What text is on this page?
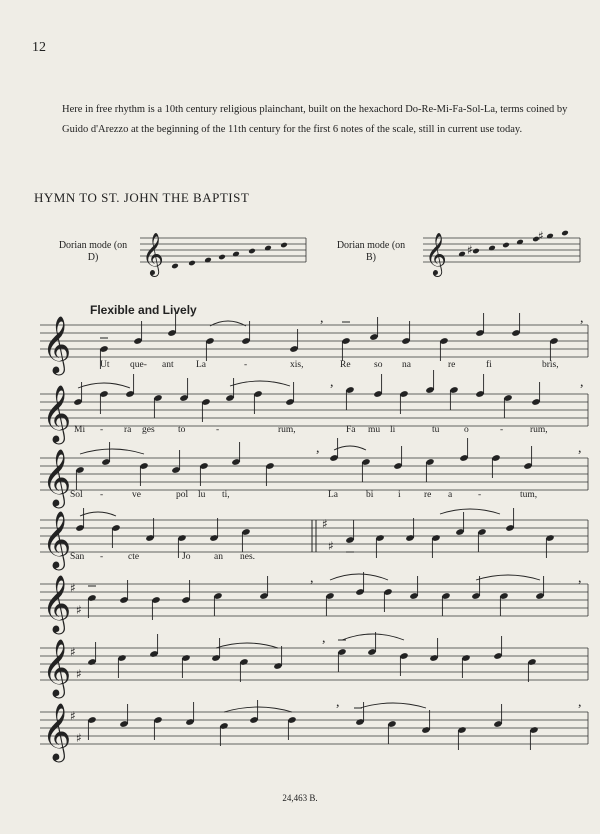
12
Here in free rhythm is a 10th century religious plainchant, built on the hexachord Do-Re-Mi-Fa-Sol-La, terms coined by Guido d'Arezzo at the beginning of the 11th century for the first 6 notes of the scale, still in current use today.
HYMN TO ST. JOHN THE BAPTIST
Dorian mode (on D)
Dorian mode (on B)
Flexible and Lively
𝄞	𝄞 ♯
♯
𝄞
𝄞
𝄞
𝄞
𝄞
♯
♯
𝄞
♯
♯
𝄞
♯
♯
,	,
,	,
,	,
♯
♯
,	,
,
,	,
Ut que- ant La	-	xis,	Re so na	re	fi	bris,
Mi - ra ges to	-	rum,	Fa mu li	tu	o	-	rum,
Sol -	ve	pol lu ti,	La	bi	i re a	-	tum,
San -	cte	Jo an nes.
24,463 B.
